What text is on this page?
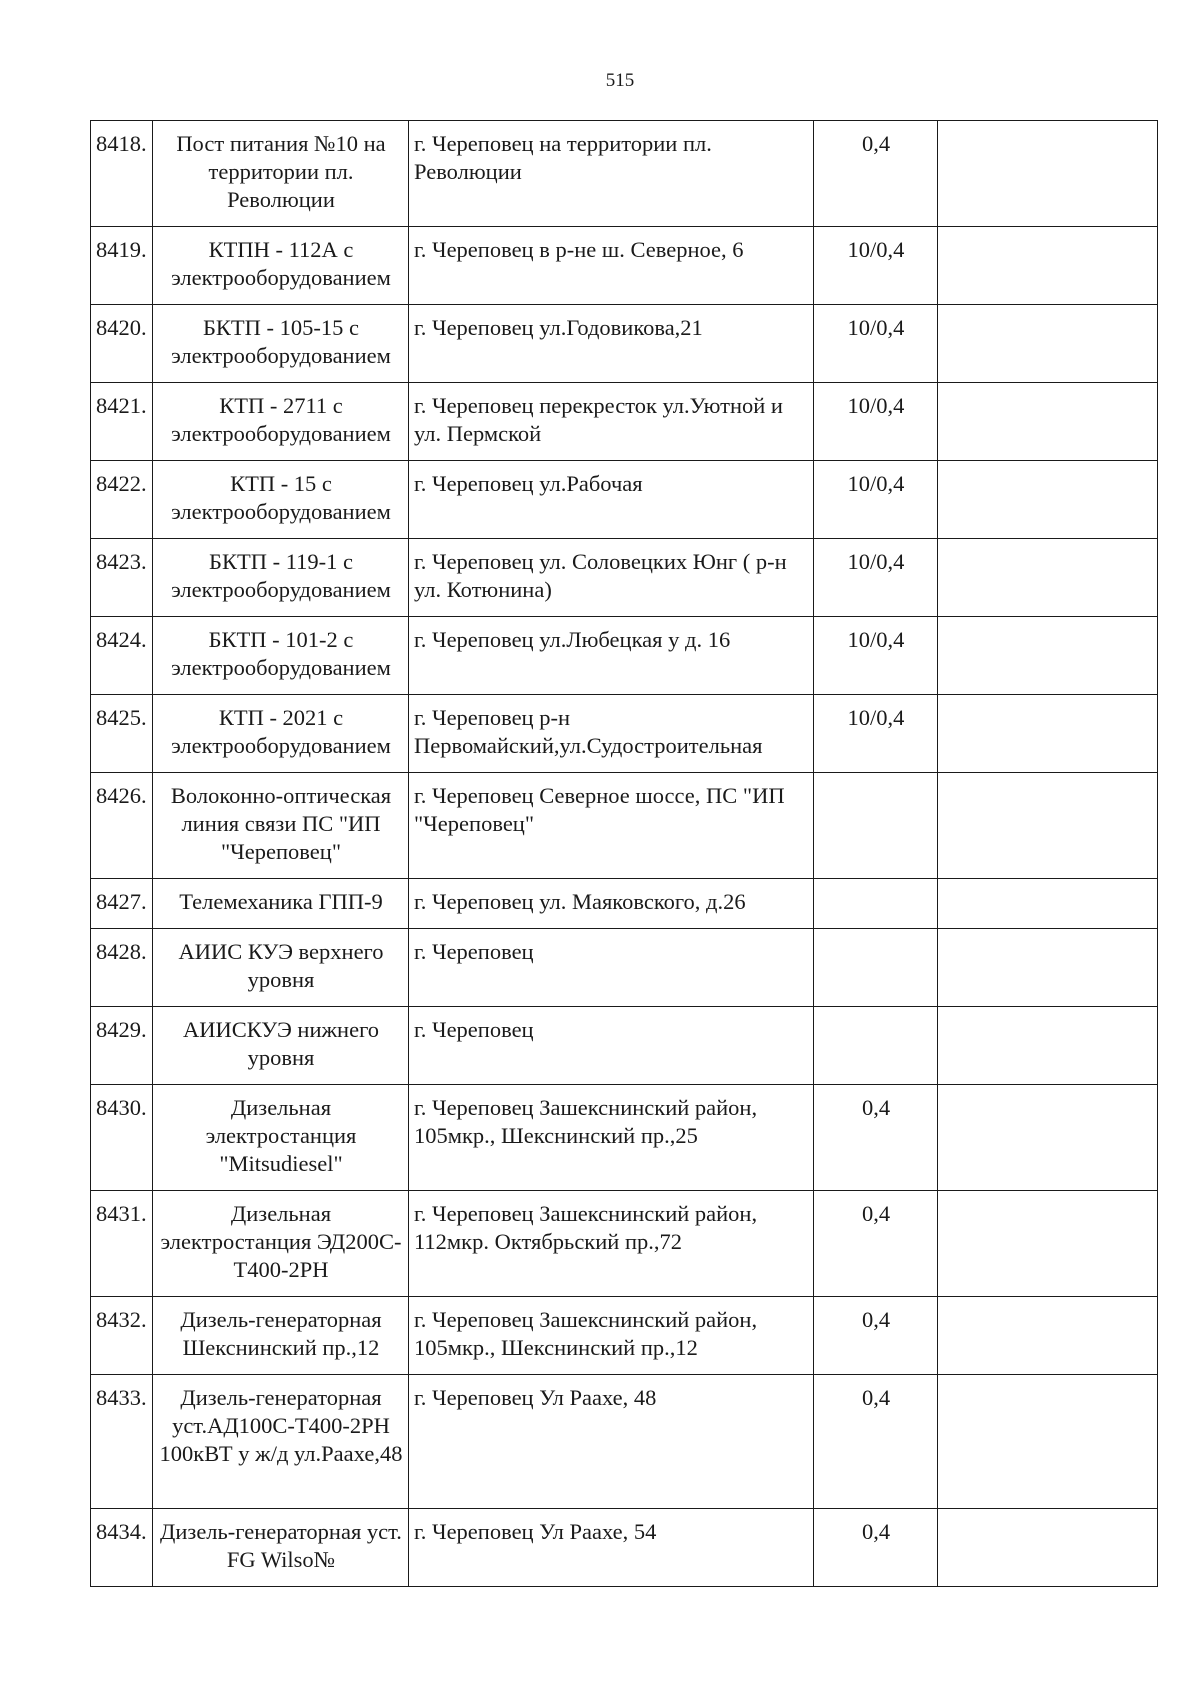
515
8418.	Пост питания №10 на территории пл. Революции	г. Череповец на территории пл. Революции	0,4	
8419.	КТПН - 112А с электрооборудованием	г. Череповец в р-не ш. Северное, 6	10/0,4	
8420.	БКТП - 105-15 с электрооборудованием	г. Череповец ул.Годовикова,21	10/0,4	
8421.	КТП - 2711 с электрооборудованием	г. Череповец перекресток ул.Уютной и ул. Пермской	10/0,4	
8422.	КТП - 15 с электрооборудованием	г. Череповец ул.Рабочая	10/0,4	
8423.	БКТП - 119-1 с электрооборудованием	г. Череповец ул. Соловецких Юнг ( р-н ул. Котюнина)	10/0,4	
8424.	БКТП - 101-2 с электрооборудованием	г. Череповец ул.Любецкая у д. 16	10/0,4	
8425.	КТП - 2021 с электрооборудованием	г. Череповец р-н Первомайский,ул.Судостроительная	10/0,4	
8426.	Волоконно-оптическая линия связи ПС "ИП "Череповец"	г. Череповец Северное шоссе, ПС "ИП "Череповец"		
8427.	Телемеханика ГПП-9	г. Череповец ул. Маяковского, д.26		
8428.	АИИС КУЭ верхнего уровня	г. Череповец		
8429.	АИИСКУЭ нижнего уровня	г. Череповец		
8430.	Дизельная электростанция "Mitsudiesel"	г. Череповец Зашекснинский район, 105мкр., Шекснинский пр.,25	0,4	
8431.	Дизельная электростанция ЭД200С-Т400-2РН	г. Череповец Зашекснинский район, 112мкр. Октябрьский пр.,72	0,4	
8432.	Дизель-генераторная Шекснинский пр.,12	г. Череповец Зашекснинский район, 105мкр., Шекснинский пр.,12	0,4	
8433.	Дизель-генераторная уст.АД100С-Т400-2РН 100кВТ у ж/д ул.Раахе,48	г. Череповец Ул Раахе, 48	0,4	
8434.	Дизель-генераторная уст. FG Wilso№	г. Череповец Ул Раахе, 54	0,4	
